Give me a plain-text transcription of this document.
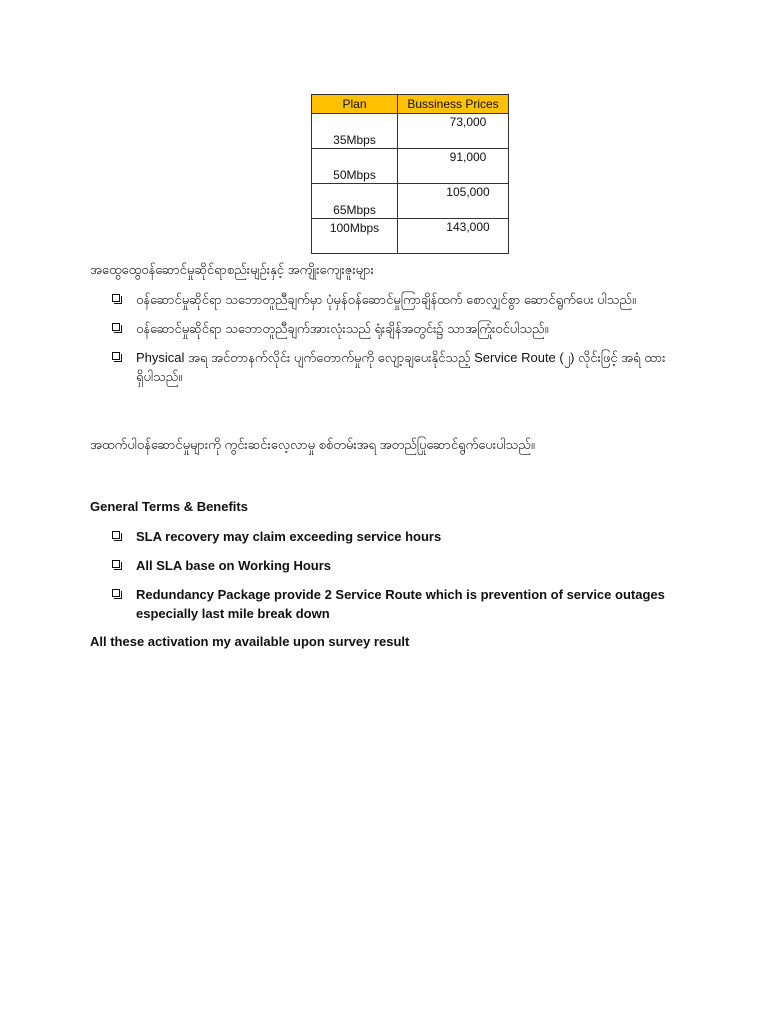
Plan	Bussiness Prices

35Mbps	73,000

50Mbps	91,000

65Mbps	105,000

100Mbps	143,000
အထွေထွေဝန်ဆောင်မှုဆိုင်ရာစည်းမျဉ်းနှင့် အကျိုးကျေးဇူးများ
ဝန်ဆောင်မှုဆိုင်ရာ သဘောတူညီချက်မှာ ပုံမှန်ဝန်ဆောင်မှုကြာချိန်ထက် စောလျှင်စွာ ဆောင်ရွက်ပေး ပါသည်။
ဝန်ဆောင်မှုဆိုင်ရာ သဘောတူညီချက်အားလုံးသည် ရုံးချိန်အတွင်း၌ သာအကြုံးဝင်ပါသည်။
Physical အရ အင်တာနက်လိုင်း ပျက်တောက်မှုကို လျော့ချပေးနိုင်သည့် Service Route (၂) လိုင်းဖြင့် အရံ ထားရှိပါသည်။
အထက်ပါဝန်ဆောင်မှုများကို ကွင်းဆင်းလေ့လာမှု စစ်တမ်းအရ အတည်ပြုဆောင်ရွက်ပေးပါသည်။
General Terms & Benefits
SLA recovery may claim exceeding service hours
All SLA base on Working Hours
Redundancy Package provide 2 Service Route which is prevention of service outages especially last mile break down
All these activation my available upon survey result
